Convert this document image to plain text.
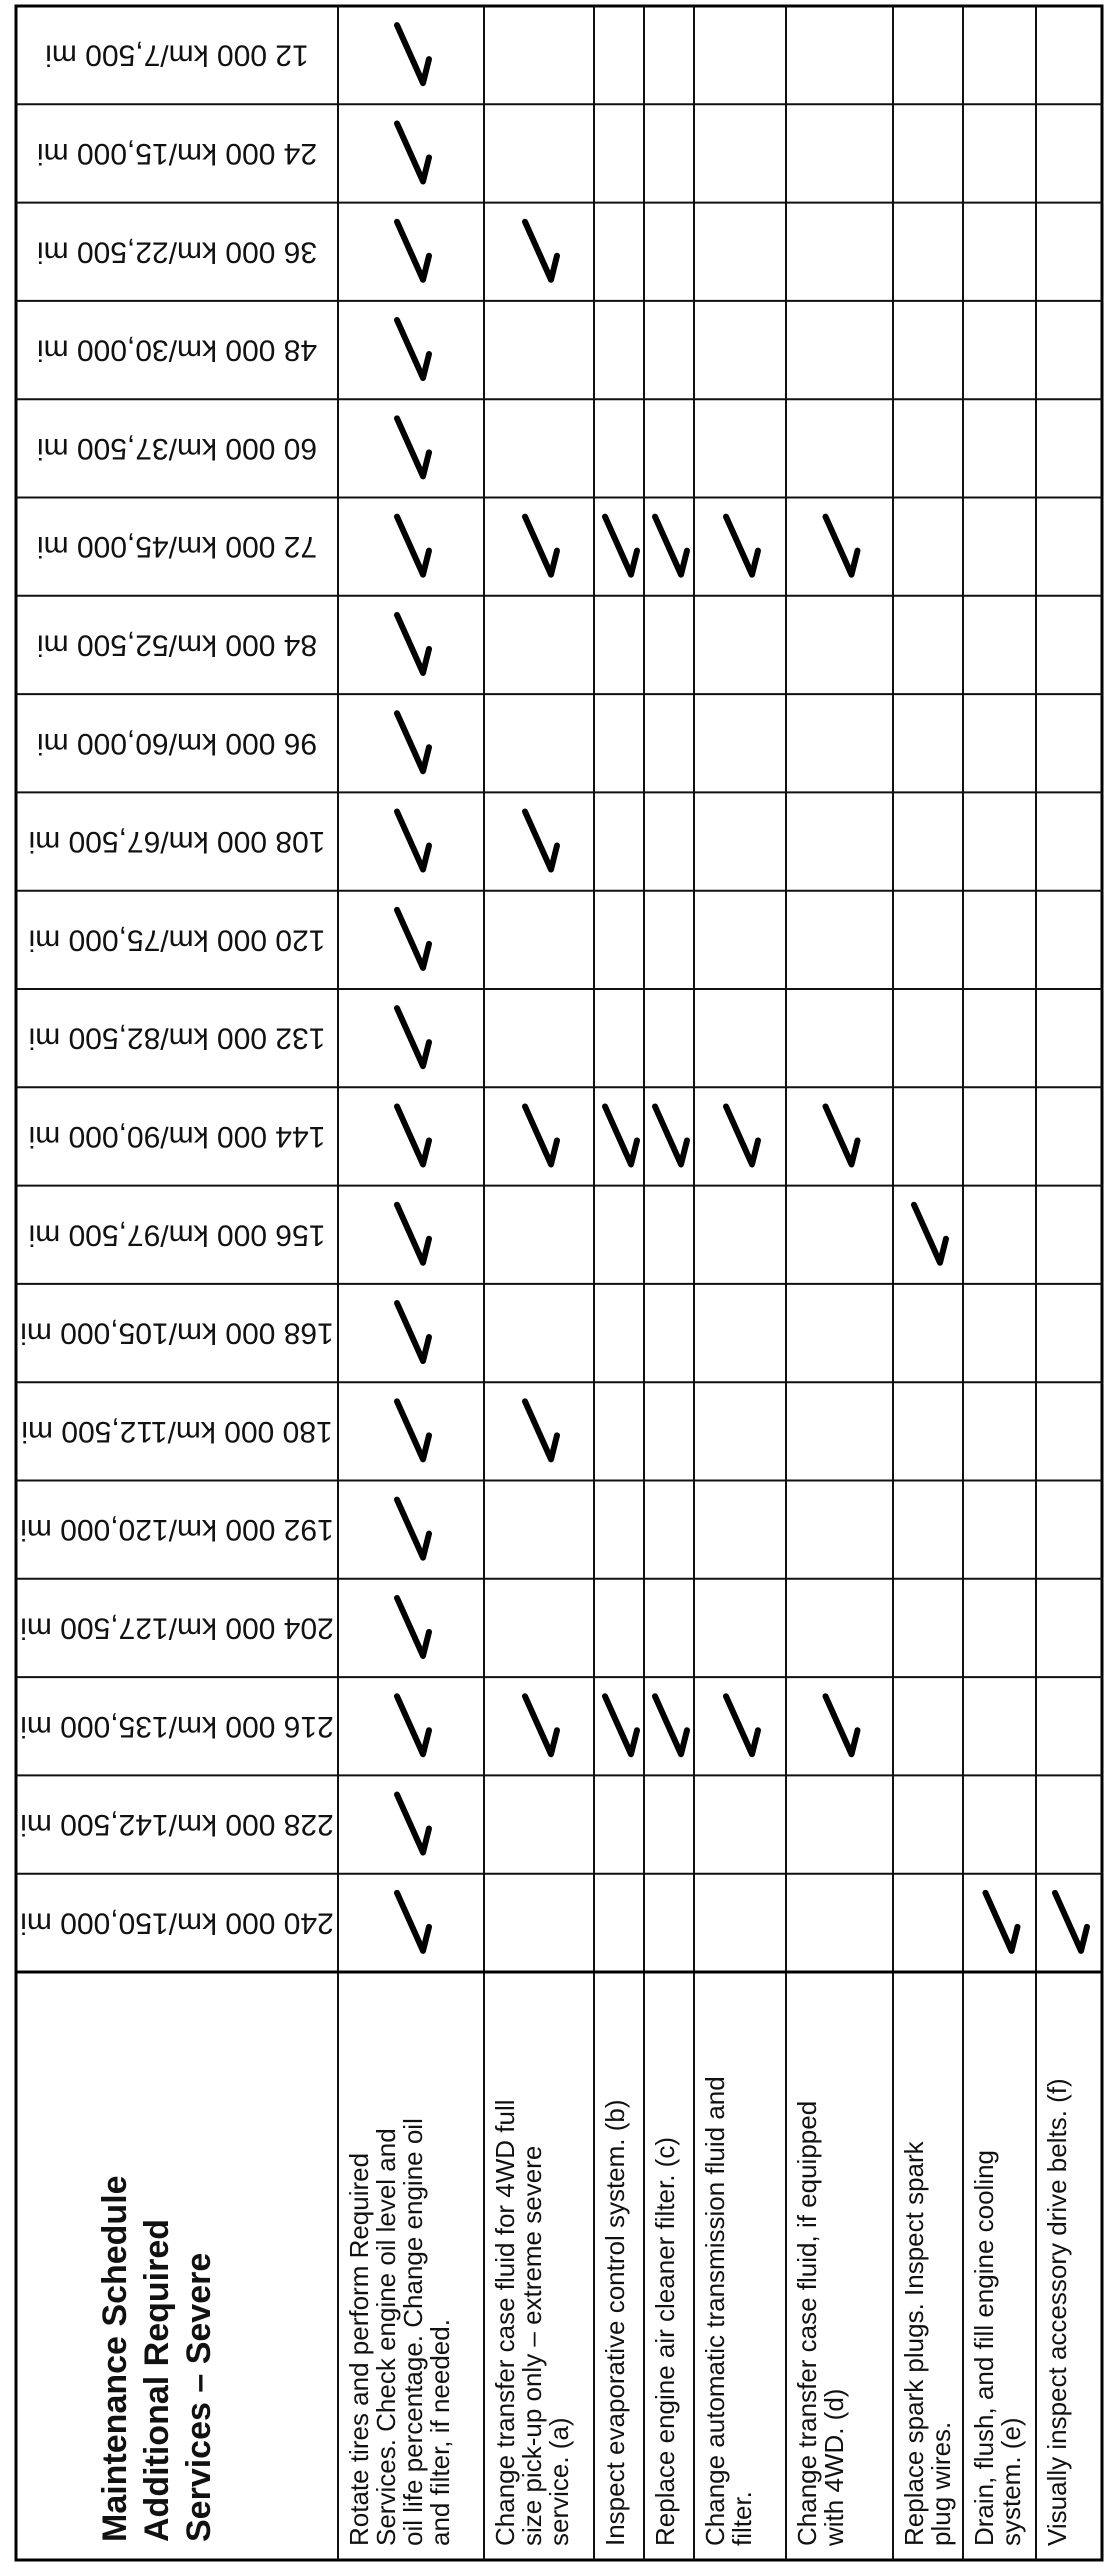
Maintenance Schedule Additional Required Services – Severe
12 000 km/7,500 mi
24 000 km/15,000 mi
36 000 km/22,500 mi
48 000 km/30,000 mi
60 000 km/37,500 mi
72 000 km/45,000 mi
84 000 km/52,500 mi
96 000 km/60,000 mi
108 000 km/67,500 mi
120 000 km/75,000 mi
132 000 km/82,500 mi
144 000 km/90,000 mi
156 000 km/97,500 mi
168 000 km/105,000 mi
180 000 km/112,500 mi
192 000 km/120,000 mi
204 000 km/127,500 mi
216 000 km/135,000 mi
228 000 km/142,500 mi
240 000 km/150,000 mi
Rotate tires and perform Required
Services. Check engine oil level and
oil life percentage. Change engine oil
and filter, if needed. Change transfer case fluid for 4WD full
size pick-up only – extreme severe
service. (a) Inspect evaporative control system. (b) Replace engine air cleaner filter. (c) Change automatic transmission fluid and
filter. Change transfer case fluid, if equipped
with 4WD. (d) Replace spark plugs. Inspect spark
plug wires. Drain, flush, and fill engine cooling
system. (e) Visually inspect accessory drive belts. (f)
